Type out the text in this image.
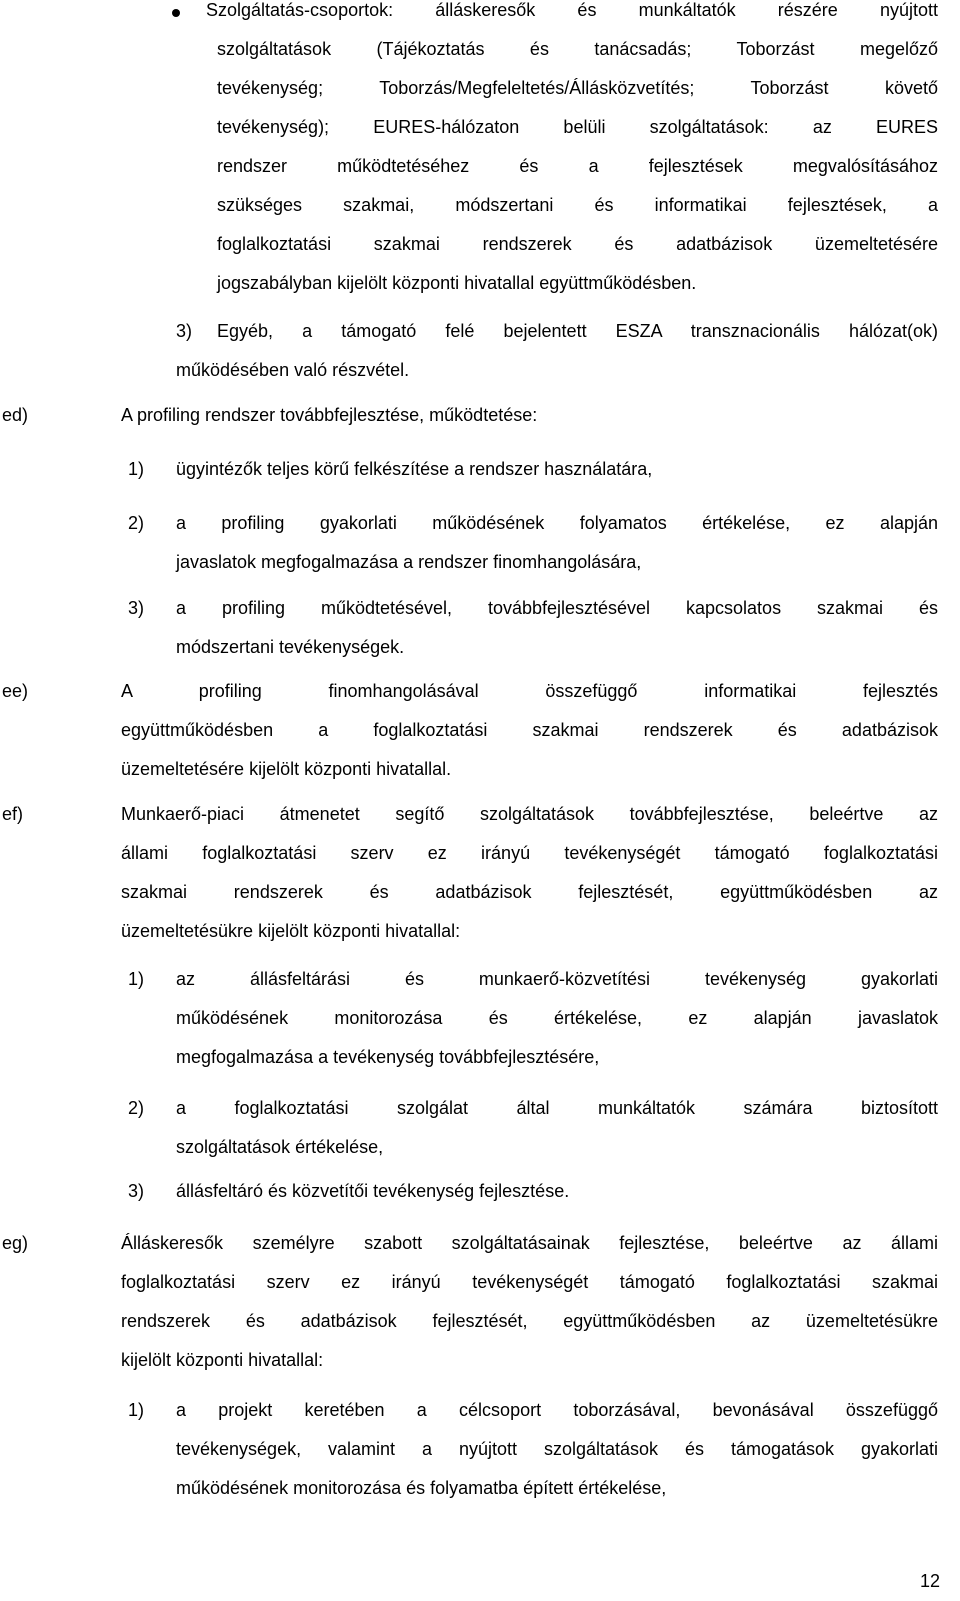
Szolgáltatás-csoportok: álláskeresők és munkáltatók részére nyújtott

szolgáltatások (Tájékoztatás és tanácsadás; Toborzást megelőző

tevékenység; Toborzás/Megfeleltetés/Állásközvetítés; Toborzást követő

tevékenység); EURES-hálózaton belüli szolgáltatások: az EURES

rendszer működtetéséhez és a fejlesztések megvalósításához

szükséges szakmai, módszertani és informatikai fejlesztések, a

foglalkoztatási szakmai rendszerek és adatbázisok üzemeltetésére

jogszabályban kijelölt központi hivatallal együttműködésben.

3) Egyéb, a támogató felé bejelentett ESZA transznacionális hálózat(ok)

működésében való részvétel.

ed)	A profiling rendszer továbbfejlesztése, működtetése:

1) ügyintézők teljes körű felkészítése a rendszer használatára,

2) a profiling gyakorlati működésének folyamatos értékelése, ez alapján

javaslatok megfogalmazása a rendszer finomhangolására,

3) a profiling működtetésével, továbbfejlesztésével kapcsolatos szakmai és

módszertani tevékenységek.

ee)	A profiling finomhangolásával összefüggő informatikai fejlesztés

együttműködésben a foglalkoztatási szakmai rendszerek és adatbázisok

üzemeltetésére kijelölt központi hivatallal.

ef)	Munkaerő-piaci átmenetet segítő szolgáltatások továbbfejlesztése, beleértve az

állami foglalkoztatási szerv ez irányú tevékenységét támogató foglalkoztatási

szakmai rendszerek és adatbázisok fejlesztését, együttműködésben az

üzemeltetésükre kijelölt központi hivatallal:

1) az állásfeltárási és munkaerő-közvetítési tevékenység gyakorlati

működésének monitorozása és értékelése, ez alapján javaslatok

megfogalmazása a tevékenység továbbfejlesztésére,

2) a foglalkoztatási szolgálat által munkáltatók számára biztosított

szolgáltatások értékelése,

3) állásfeltáró és közvetítői tevékenység fejlesztése.

eg)	Álláskeresők személyre szabott szolgáltatásainak fejlesztése, beleértve az állami

foglalkoztatási szerv ez irányú tevékenységét támogató foglalkoztatási szakmai

rendszerek és adatbázisok fejlesztését, együttműködésben az üzemeltetésükre

kijelölt központi hivatallal:

1) a projekt keretében a célcsoport toborzásával, bevonásával összefüggő

tevékenységek, valamint a nyújtott szolgáltatások és támogatások gyakorlati

működésének monitorozása és folyamatba épített értékelése,

12
